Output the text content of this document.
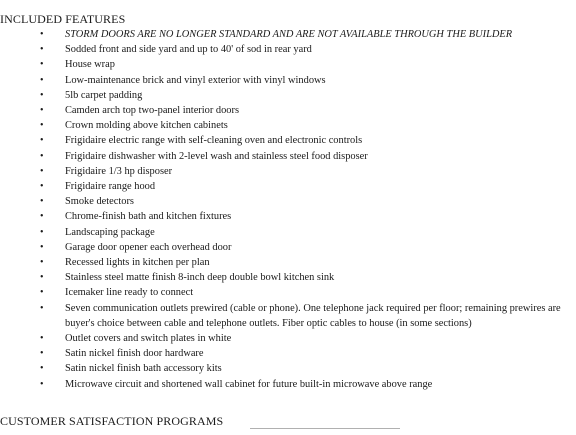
INCLUDED FEATURES
• STORM DOORS ARE NO LONGER STANDARD AND ARE NOT AVAILABLE THROUGH THE BUILDER
• Sodded front and side yard and up to 40' of sod in rear yard
• House wrap
• Low-maintenance brick and vinyl exterior with vinyl windows
• 5lb carpet padding
• Camden arch top two-panel interior doors
• Crown molding above kitchen cabinets
• Frigidaire electric range with self-cleaning oven and electronic controls
• Frigidaire dishwasher with 2-level wash and stainless steel food disposer
• Frigidaire 1/3 hp disposer
• Frigidaire range hood
• Smoke detectors
• Chrome-finish bath and kitchen fixtures
• Landscaping package
• Garage door opener each overhead door
• Recessed lights in kitchen per plan
• Stainless steel matte finish 8-inch deep double bowl kitchen sink
• Icemaker line ready to connect
• Seven communication outlets prewired (cable or phone). One telephone jack required per floor; remaining prewires are buyer's choice between cable and telephone outlets. Fiber optic cables to house (in some sections)
• Outlet covers and switch plates in white
• Satin nickel finish door hardware
• Satin nickel finish bath accessory kits
• Microwave circuit and shortened wall cabinet for future built-in microwave above range
CUSTOMER SATISFACTION PROGRAMS
